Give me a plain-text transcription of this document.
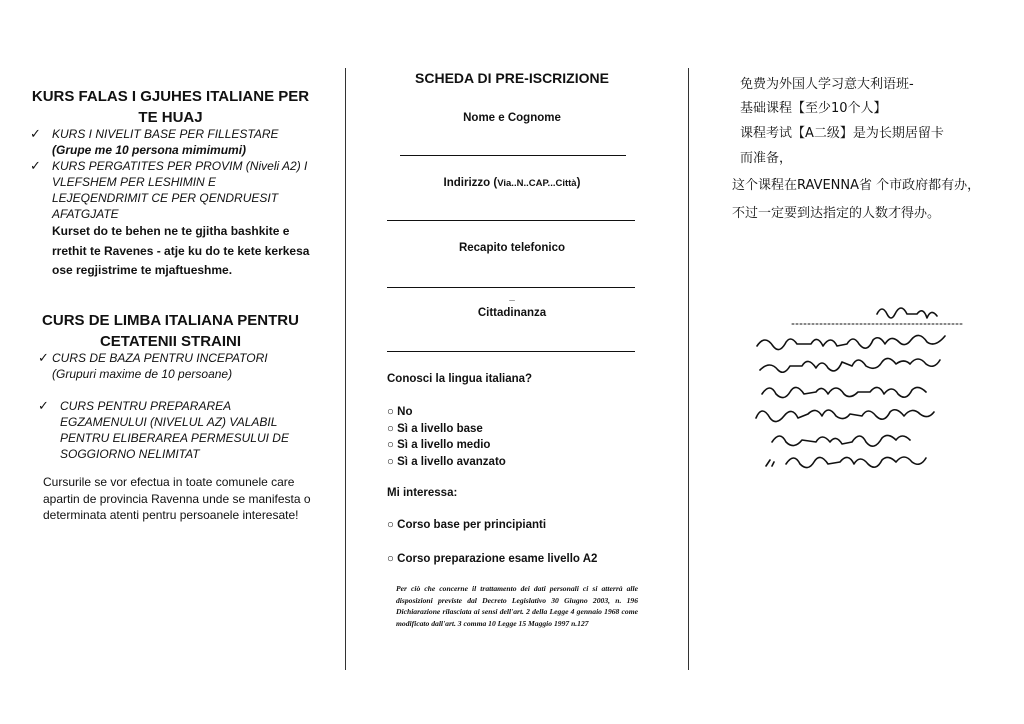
KURS FALAS I GJUHES ITALIANE PER TE HUAJ
✓ KURS I NIVELIT BASE PER FILLESTARE (Grupe me 10 persona mimimumi)
✓ KURS PERGATITES PER PROVIM (Niveli A2) I VLEFSHEM PER LESHIMIN E LEJEQENDRIMIT CE PER QENDRUESIT AFATGJATE
Kurset do te behen ne te gjitha bashkite e rrethit te Ravenes - atje ku do te kete kerkesa ose regjistrime te mjaftueshme.
CURS DE LIMBA ITALIANA PENTRU CETATENII STRAINI
✓ CURS DE BAZA PENTRU INCEPATORI (Grupuri maxime de 10 persoane)
✓ CURS PENTRU PREPARAREA EGZAMENULUI (NIVELUL AZ) VALABIL PENTRU ELIBERAREA PERMESULUI DE SOGGIORNO NELIMITAT
Cursurile se vor efectua in toate comunele care apartin de provincia Ravenna unde se manifesta o determinata atenti pentru persoanele interesate!
SCHEDA DI PRE-ISCRIZIONE
Nome e Cognome
Indirizzo (Via..N..CAP...Città)
Recapito telefonico
_
Cittadinanza
Conosci la lingua italiana?
○ No
○ Sì a livello base
○ Sì a livello medio
○ Sì a livello avanzato
Mi interessa:
○ Corso base per principianti
○ Corso preparazione esame livello A2
Per ciò che concerne il trattamento dei dati personali ci si atterrà alle disposizioni previste dal Decreto Legislativo 30 Giugno 2003, n. 196 Dichiarazione rilasciata ai sensi dell'art. 2 della Legge 4 gennaio 1968 come modificato dall'art. 3 comma 10 Legge 15 Maggio 1997 n.127
免费为外国人学习意大利语班-
基础课程【至少10个人】
课程考试【A二级】是为长期居留卡
而准备，
这个课程在RAVENNA省 个市政府都有办，不过一定要到达指定的人数才得办。
